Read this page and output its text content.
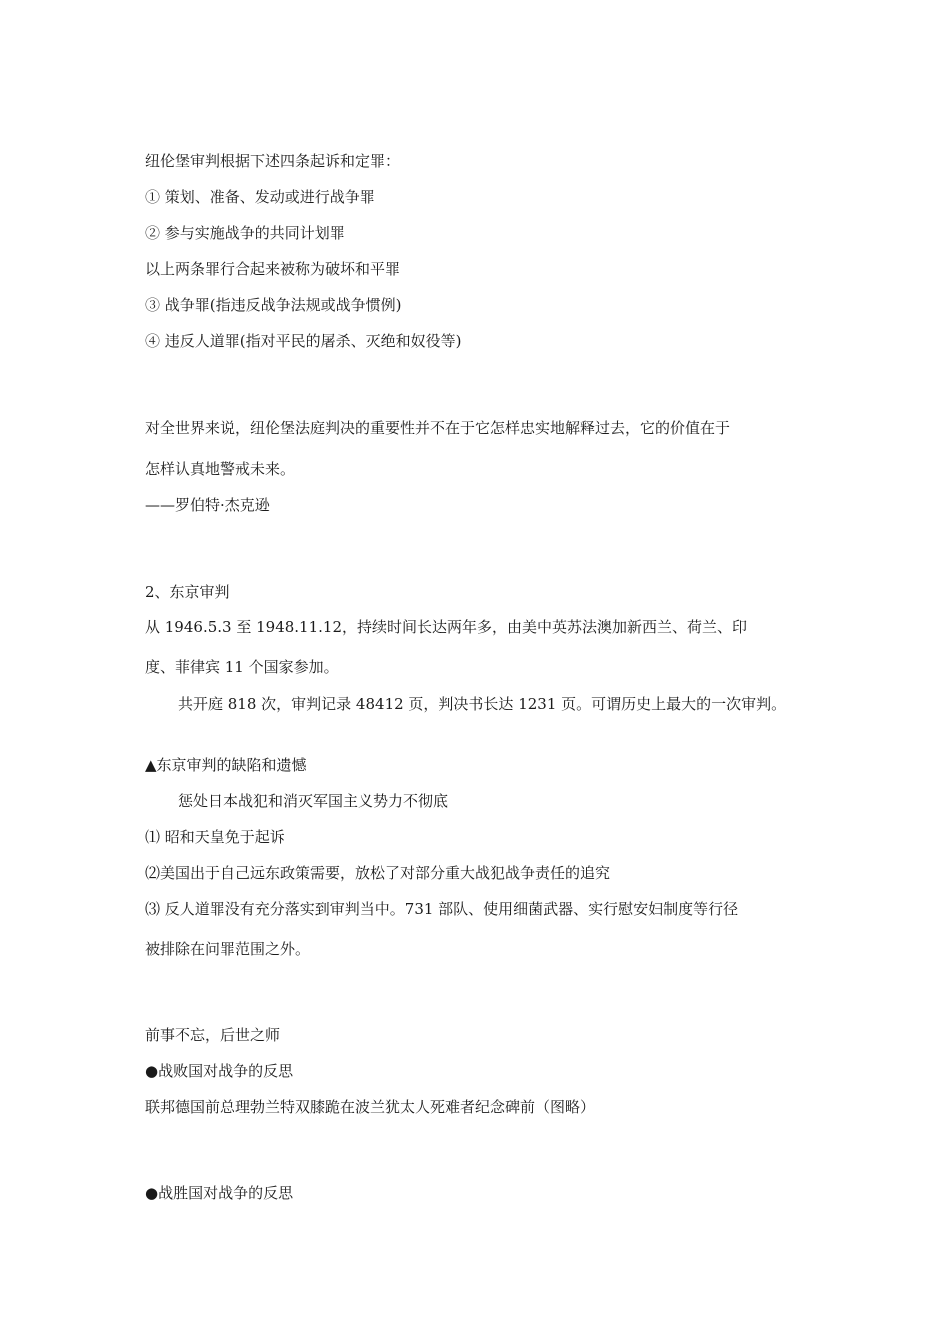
纽伦堡审判根据下述四条起诉和定罪：
① 策划、准备、发动或进行战争罪
② 参与实施战争的共同计划罪
以上两条罪行合起来被称为破坏和平罪
③ 战争罪(指违反战争法规或战争惯例)
④ 违反人道罪(指对平民的屠杀、灭绝和奴役等)
对全世界来说，纽伦堡法庭判决的重要性并不在于它怎样忠实地解释过去，它的价值在于
怎样认真地警戒未来。
——罗伯特·杰克逊
2、东京审判
从 1946.5.3 至 1948.11.12，持续时间长达两年多，由美中英苏法澳加新西兰、荷兰、印
度、菲律宾 11 个国家参加。
共开庭 818 次，审判记录 48412 页，判决书长达 1231 页。可谓历史上最大的一次审判。
▲东京审判的缺陷和遗憾
惩处日本战犯和消灭军国主义势力不彻底
⑴ 昭和天皇免于起诉
⑵美国出于自己远东政策需要，放松了对部分重大战犯战争责任的追究
⑶ 反人道罪没有充分落实到审判当中。731 部队、使用细菌武器、实行慰安妇制度等行径
被排除在问罪范围之外。
前事不忘，后世之师
●战败国对战争的反思
联邦德国前总理勃兰特双膝跪在波兰犹太人死难者纪念碑前（图略）
●战胜国对战争的反思
